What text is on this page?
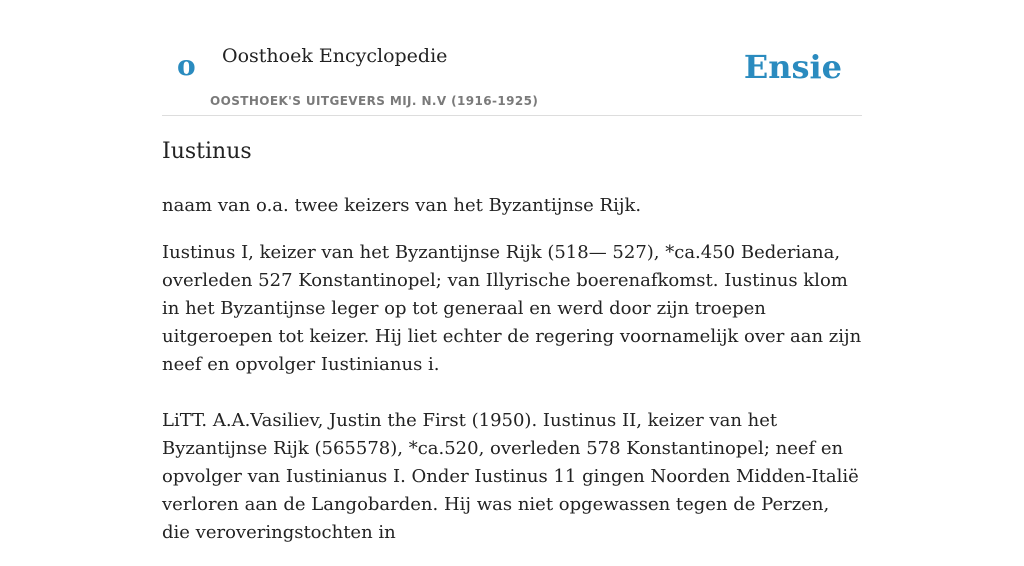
o Oosthoek Encyclopedie
OOSTHOEK'S UITGEVERS MIJ. N.V (1916-1925)
Ensie
Iustinus

naam van o.a. twee keizers van het Byzantijnse Rijk.

Iustinus I, keizer van het Byzantijnse Rijk (518— 527), *ca.450 Bederiana, overleden 527 Konstantinopel; van Illyrische boerenafkomst. Iustinus klom in het Byzantijnse leger op tot generaal en werd door zijn troepen uitgeroepen tot keizer. Hij liet echter de regering voornamelijk over aan zijn neef en opvolger Iustinianus i.

LiTT. A.A.Vasiliev, Justin the First (1950). Iustinus II, keizer van het Byzantijnse Rijk (565578), *ca.520, overleden 578 Konstantinopel; neef en opvolger van Iustinianus I. Onder Iustinus 11 gingen Noorden Midden-Italië verloren aan de Langobarden. Hij was niet opgewassen tegen de Perzen, die veroveringstochten in
